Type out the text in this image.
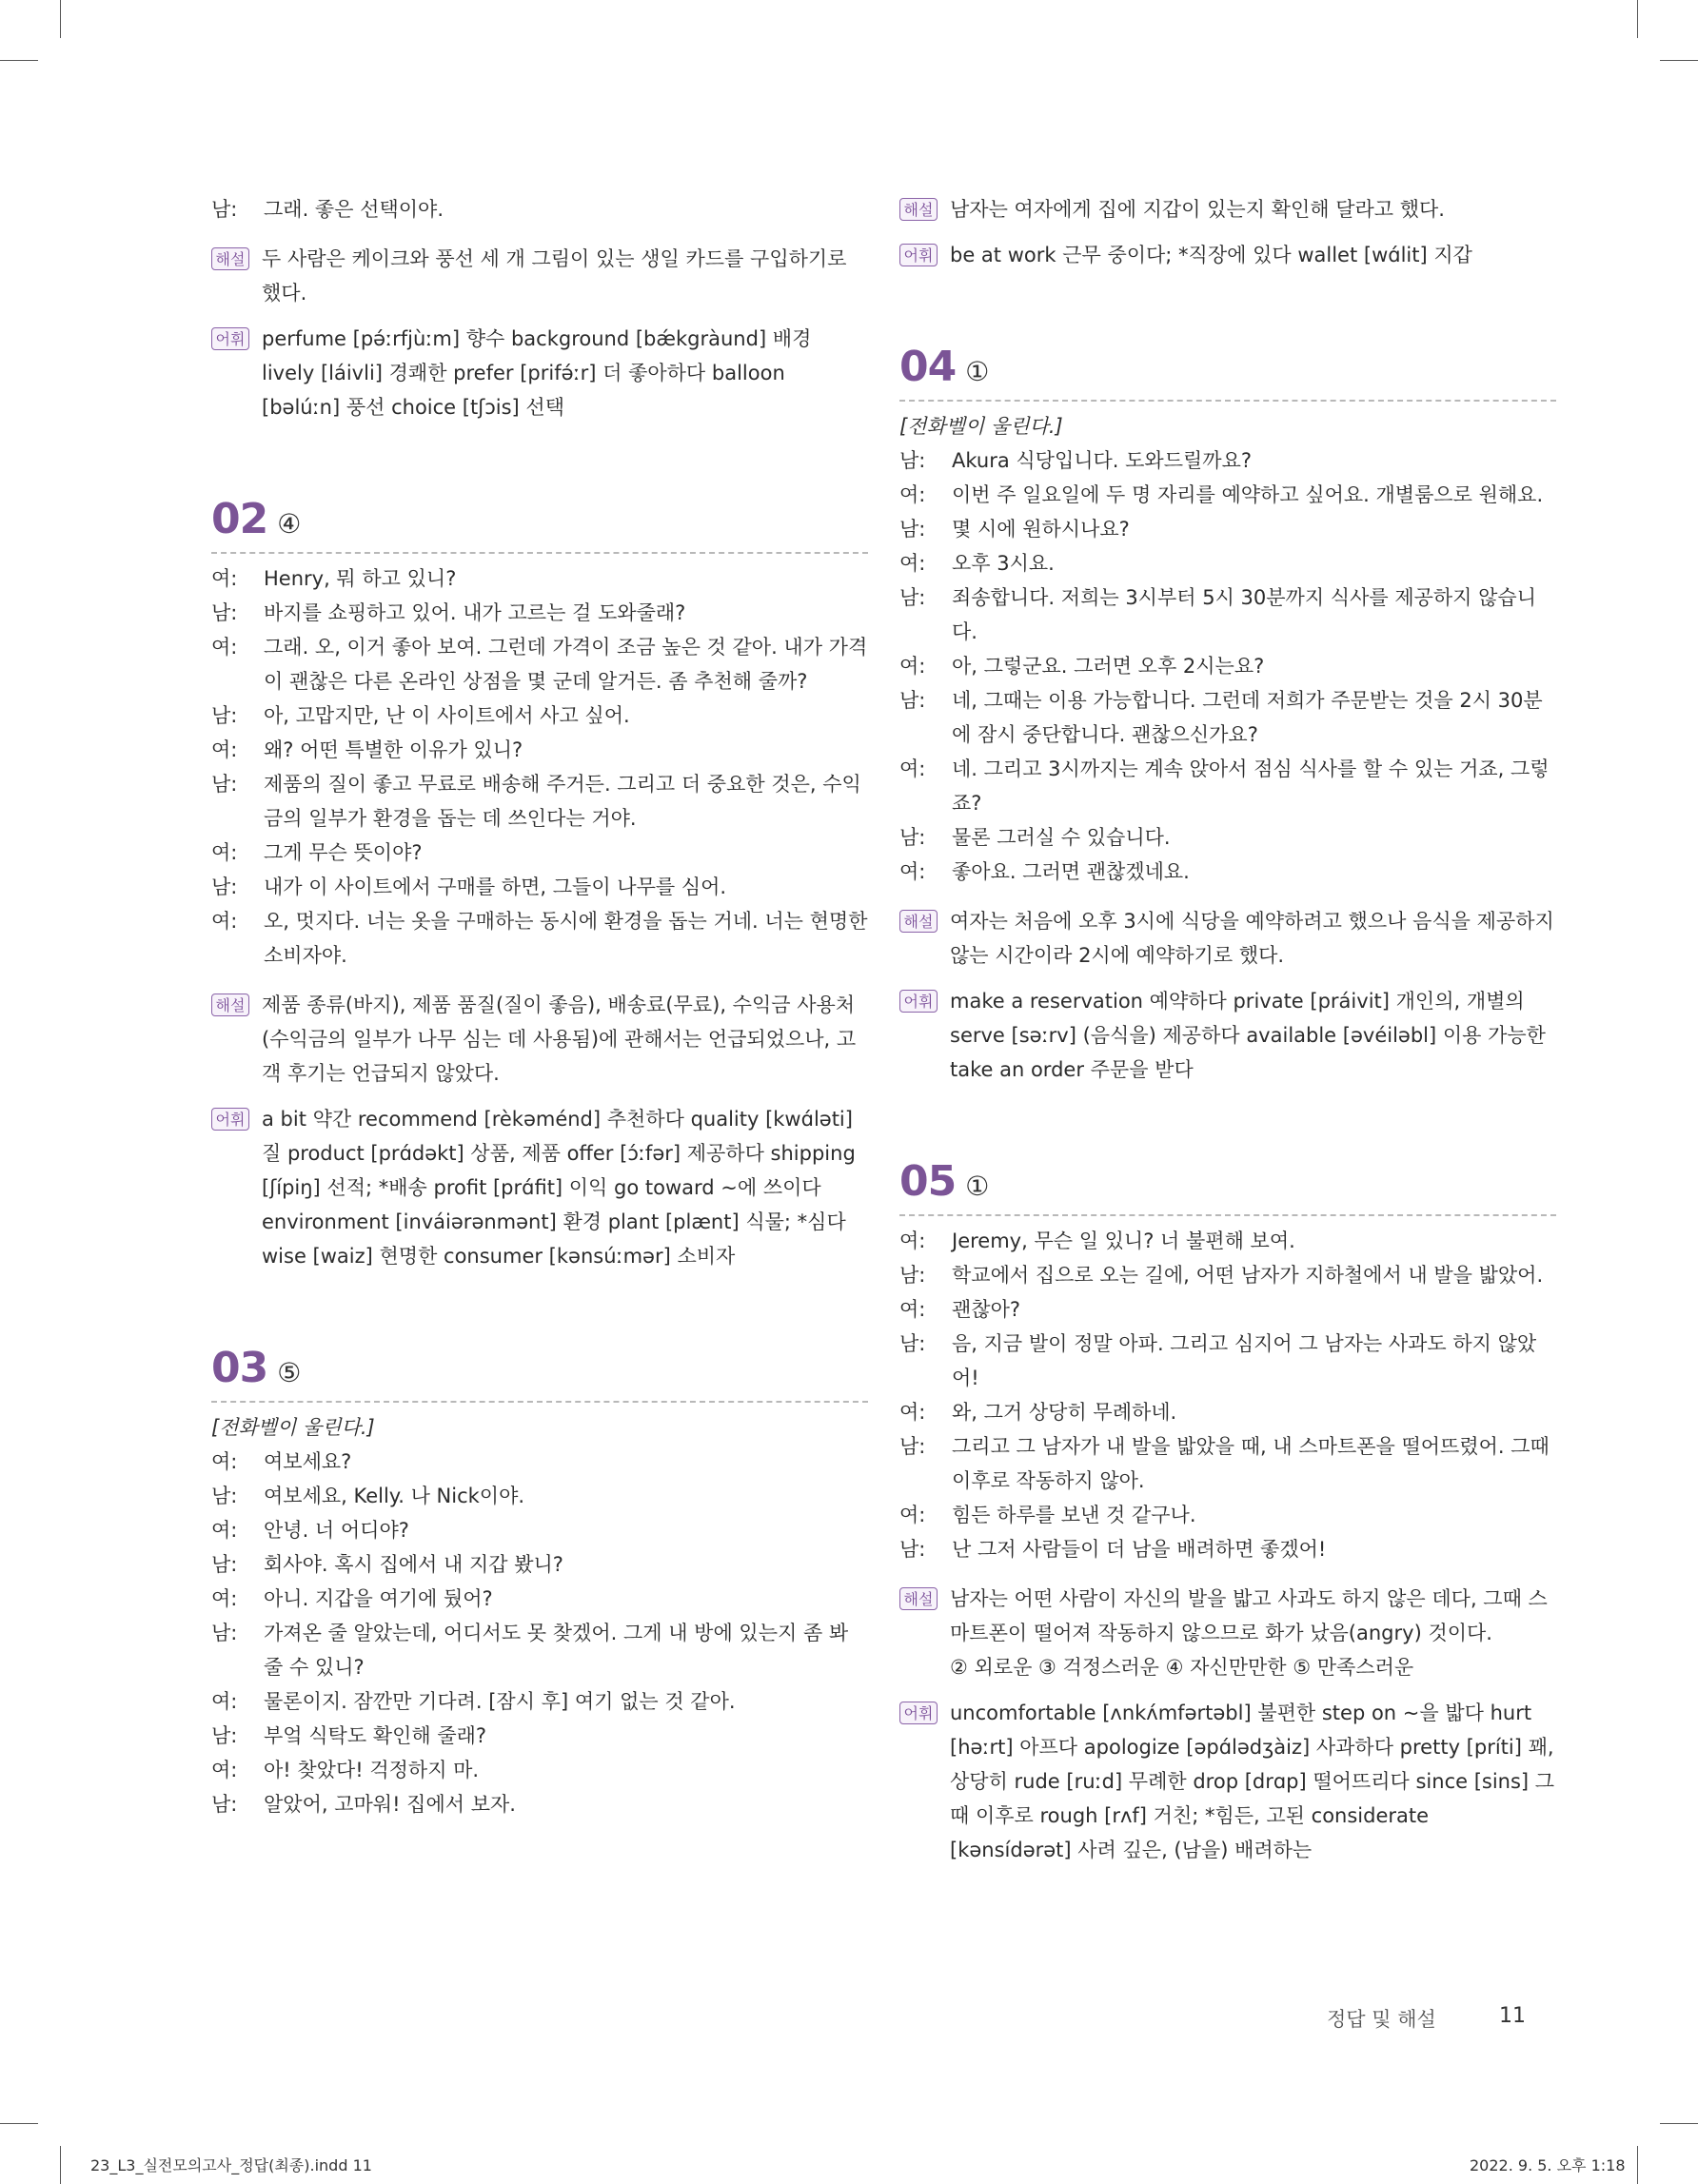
남:	그래. 좋은 선택이야.
해설 두 사람은 케이크와 풍선 세 개 그림이 있는 생일 카드를 구입하기로 했다.
어휘 perfume [pə́ːrfjùːm] 향수 background [bǽkgràund] 배경 lively [láivli] 경쾌한 prefer [prifə́ːr] 더 좋아하다 balloon [bəlúːn] 풍선 choice [tʃɔis] 선택
02 ④
여:	Henry, 뭐 하고 있니?
남:	바지를 쇼핑하고 있어. 내가 고르는 걸 도와줄래?
여:	그래. 오, 이거 좋아 보여. 그런데 가격이 조금 높은 것 같아. 내가 가격이 괜찮은 다른 온라인 상점을 몇 군데 알거든. 좀 추천해 줄까?
남:	아, 고맙지만, 난 이 사이트에서 사고 싶어.
여:	왜? 어떤 특별한 이유가 있니?
남:	제품의 질이 좋고 무료로 배송해 주거든. 그리고 더 중요한 것은, 수익금의 일부가 환경을 돕는 데 쓰인다는 거야.
여:	그게 무슨 뜻이야?
남:	내가 이 사이트에서 구매를 하면, 그들이 나무를 심어.
여:	오, 멋지다. 너는 옷을 구매하는 동시에 환경을 돕는 거네. 너는 현명한 소비자야.
해설 제품 종류(바지), 제품 품질(질이 좋음), 배송료(무료), 수익금 사용처(수익금의 일부가 나무 심는 데 사용됨)에 관해서는 언급되었으나, 고객 후기는 언급되지 않았다.
어휘 a bit 약간 recommend [rèkəménd] 추천하다 quality [kwɑ́ləti] 질 product [prɑ́dəkt] 상품, 제품 offer [ɔ́ːfər] 제공하다 shipping [ʃípiŋ] 선적; *배송 profit [prɑ́fit] 이익 go toward ~에 쓰이다 environment [inváiərənmənt] 환경 plant [plænt] 식물; *심다 wise [waiz] 현명한 consumer [kənsúːmər] 소비자
03 ⑤
[전화벨이 울린다.]
여:	여보세요?
남:	여보세요, Kelly. 나 Nick이야.
여:	안녕. 너 어디야?
남:	회사야. 혹시 집에서 내 지갑 봤니?
여:	아니. 지갑을 여기에 뒀어?
남:	가져온 줄 알았는데, 어디서도 못 찾겠어. 그게 내 방에 있는지 좀 봐 줄 수 있니?
여:	물론이지. 잠깐만 기다려. [잠시 후] 여기 없는 것 같아.
남:	부엌 식탁도 확인해 줄래?
여:	아! 찾았다! 걱정하지 마.
남:	알았어, 고마워! 집에서 보자.
해설 남자는 여자에게 집에 지갑이 있는지 확인해 달라고 했다.
어휘 be at work 근무 중이다; *직장에 있다 wallet [wɑ́lit] 지갑
04 ①
[전화벨이 울린다.]
남:	Akura 식당입니다. 도와드릴까요?
여:	이번 주 일요일에 두 명 자리를 예약하고 싶어요. 개별룸으로 원해요.
남:	몇 시에 원하시나요?
여:	오후 3시요.
남:	죄송합니다. 저희는 3시부터 5시 30분까지 식사를 제공하지 않습니다.
여:	아, 그렇군요. 그러면 오후 2시는요?
남:	네, 그때는 이용 가능합니다. 그런데 저희가 주문받는 것을 2시 30분에 잠시 중단합니다. 괜찮으신가요?
여:	네. 그리고 3시까지는 계속 앉아서 점심 식사를 할 수 있는 거죠, 그렇죠?
남:	물론 그러실 수 있습니다.
여:	좋아요. 그러면 괜찮겠네요.
해설 여자는 처음에 오후 3시에 식당을 예약하려고 했으나 음식을 제공하지 않는 시간이라 2시에 예약하기로 했다.
어휘 make a reservation 예약하다 private [práivit] 개인의, 개별의 serve [səːrv] (음식을) 제공하다 available [əvéiləbl] 이용 가능한 take an order 주문을 받다
05 ①
여:	Jeremy, 무슨 일 있니? 너 불편해 보여.
남:	학교에서 집으로 오는 길에, 어떤 남자가 지하철에서 내 발을 밟았어.
여:	괜찮아?
남:	음, 지금 발이 정말 아파. 그리고 심지어 그 남자는 사과도 하지 않았어!
여:	와, 그거 상당히 무례하네.
남:	그리고 그 남자가 내 발을 밟았을 때, 내 스마트폰을 떨어뜨렸어. 그때 이후로 작동하지 않아.
여:	힘든 하루를 보낸 것 같구나.
남:	난 그저 사람들이 더 남을 배려하면 좋겠어!
해설 남자는 어떤 사람이 자신의 발을 밟고 사과도 하지 않은 데다, 그때 스마트폰이 떨어져 작동하지 않으므로 화가 났음(angry) 것이다.
② 외로운 ③ 걱정스러운 ④ 자신만만한 ⑤ 만족스러운
어휘 uncomfortable [ʌnkʌ́mfərtəbl] 불편한 step on ~을 밟다 hurt [həːrt] 아프다 apologize [əpɑ́lədʒàiz] 사과하다 pretty [príti] 꽤, 상당히 rude [ruːd] 무례한 drop [drɑp] 떨어뜨리다 since [sins] 그때 이후로 rough [rʌf] 거친; *힘든, 고된 considerate [kənsídərət] 사려 깊은, (남을) 배려하는
정답 및 해설	11
23_L3_실전모의고사_정답(최종).indd 11	2022. 9. 5. 오후 1:18
